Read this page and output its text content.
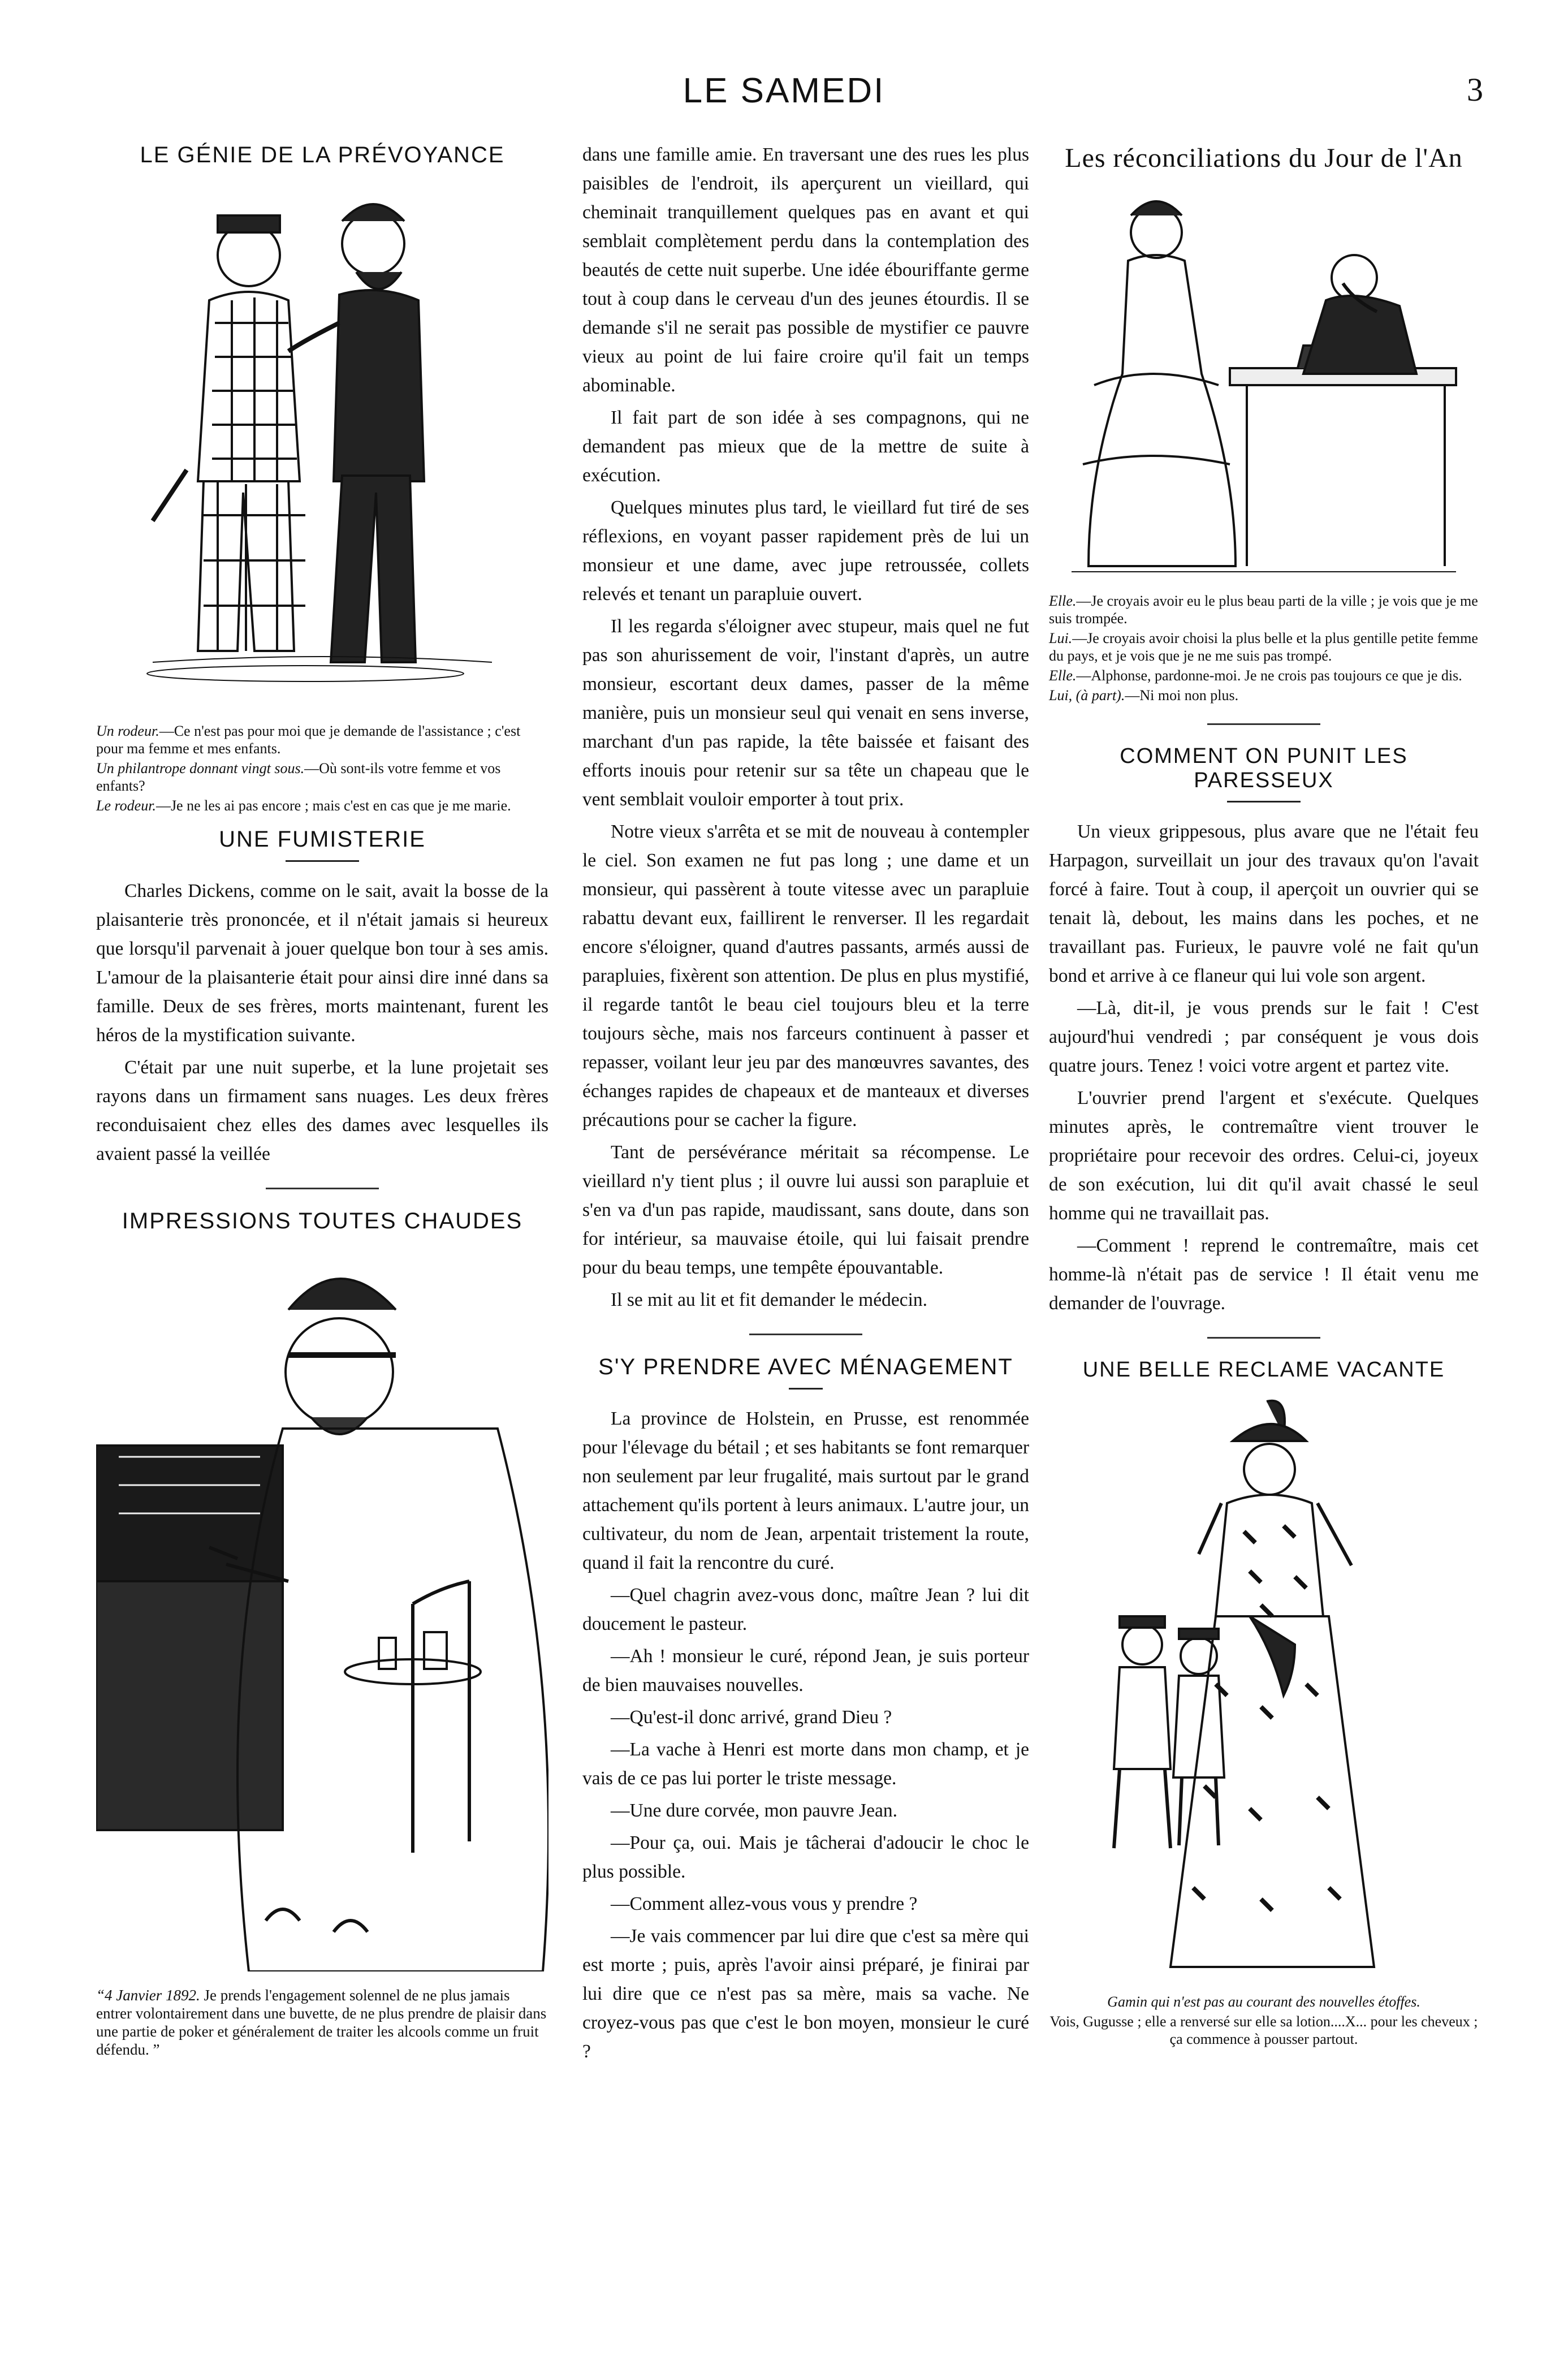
LE SAMEDI	3
LE GÉNIE DE LA PRÉVOYANCE

Un rodeur.—Ce n'est pas pour moi que je demande de l'assistance ; c'est pour ma femme et mes enfants.

Un philantrope donnant vingt sous.—Où sont-ils votre femme et vos enfants?

Le rodeur.—Je ne les ai pas encore ; mais c'est en cas que je me marie.

UNE FUMISTERIE

Charles Dickens, comme on le sait, avait la bosse de la plaisanterie très prononcée, et il n'était jamais si heureux que lorsqu'il parvenait à jouer quelque bon tour à ses amis. L'amour de la plaisanterie était pour ainsi dire inné dans sa famille. Deux de ses frères, morts maintenant, furent les héros de la mystification suivante.

C'était par une nuit superbe, et la lune projetait ses rayons dans un firmament sans nuages. Les deux frères reconduisaient chez elles des dames avec lesquelles ils avaient passé la veillée

IMPRESSIONS TOUTES CHAUDES

“4 Janvier 1892. Je prends l'engagement solennel de ne plus jamais entrer volontairement dans une buvette, de ne plus prendre de plaisir dans une partie de poker et généralement de traiter les alcools comme un fruit défendu. ”

dans une famille amie. En traversant une des rues les plus paisibles de l'endroit, ils aperçurent un vieillard, qui cheminait tranquillement quelques pas en avant et qui semblait complètement perdu dans la contemplation des beautés de cette nuit superbe. Une idée ébouriffante germe tout à coup dans le cerveau d'un des jeunes étourdis. Il se demande s'il ne serait pas possible de mystifier ce pauvre vieux au point de lui faire croire qu'il fait un temps abominable.

Il fait part de son idée à ses compagnons, qui ne demandent pas mieux que de la mettre de suite à exécution.

Quelques minutes plus tard, le vieillard fut tiré de ses réflexions, en voyant passer rapidement près de lui un monsieur et une dame, avec jupe retroussée, collets relevés et tenant un parapluie ouvert.

Il les regarda s'éloigner avec stupeur, mais quel ne fut pas son ahurissement de voir, l'instant d'après, un autre monsieur, escortant deux dames, passer de la même manière, puis un monsieur seul qui venait en sens inverse, marchant d'un pas rapide, la tête baissée et faisant des efforts inouis pour retenir sur sa tête un chapeau que le vent semblait vouloir emporter à tout prix.

Notre vieux s'arrêta et se mit de nouveau à contempler le ciel. Son examen ne fut pas long ; une dame et un monsieur, qui passèrent à toute vitesse avec un parapluie rabattu devant eux, faillirent le renverser. Il les regardait encore s'éloigner, quand d'autres passants, armés aussi de parapluies, fixèrent son attention. De plus en plus mystifié, il regarde tantôt le beau ciel toujours bleu et la terre toujours sèche, mais nos farceurs continuent à passer et repasser, voilant leur jeu par des manœuvres savantes, des échanges rapides de chapeaux et de manteaux et diverses précautions pour se cacher la figure.

Tant de persévérance méritait sa récompense. Le vieillard n'y tient plus ; il ouvre lui aussi son parapluie et s'en va d'un pas rapide, maudissant, sans doute, dans son for intérieur, sa mauvaise étoile, qui lui faisait prendre pour du beau temps, une tempête épouvantable.

Il se mit au lit et fit demander le médecin.

S'Y PRENDRE AVEC MÉNAGEMENT

La province de Holstein, en Prusse, est renommée pour l'élevage du bétail ; et ses habitants se font remarquer non seulement par leur frugalité, mais surtout par le grand attachement qu'ils portent à leurs animaux. L'autre jour, un cultivateur, du nom de Jean, arpentait tristement la route, quand il fait la rencontre du curé.

—Quel chagrin avez-vous donc, maître Jean ? lui dit doucement le pasteur.

—Ah ! monsieur le curé, répond Jean, je suis porteur de bien mauvaises nouvelles.

—Qu'est-il donc arrivé, grand Dieu ?

—La vache à Henri est morte dans mon champ, et je vais de ce pas lui porter le triste message.

—Une dure corvée, mon pauvre Jean.

—Pour ça, oui. Mais je tâcherai d'adoucir le choc le plus possible.

—Comment allez-vous vous y prendre ?

—Je vais commencer par lui dire que c'est sa mère qui est morte ; puis, après l'avoir ainsi préparé, je finirai par lui dire que ce n'est pas sa mère, mais sa vache. Ne croyez-vous pas que c'est le bon moyen, monsieur le curé ?

Les réconciliations du Jour de l'An

Elle.—Je croyais avoir eu le plus beau parti de la ville ; je vois que je me suis trompée.

Lui.—Je croyais avoir choisi la plus belle et la plus gentille petite femme du pays, et je vois que je ne me suis pas trompé.

Elle.—Alphonse, pardonne-moi. Je ne crois pas toujours ce que je dis.

Lui, (à part).—Ni moi non plus.

COMMENT ON PUNIT LES PARESSEUX

Un vieux grippesous, plus avare que ne l'était feu Harpagon, surveillait un jour des travaux qu'on l'avait forcé à faire. Tout à coup, il aperçoit un ouvrier qui se tenait là, debout, les mains dans les poches, et ne travaillant pas. Furieux, le pauvre volé ne fait qu'un bond et arrive à ce flaneur qui lui vole son argent.

—Là, dit-il, je vous prends sur le fait ! C'est aujourd'hui vendredi ; par conséquent je vous dois quatre jours. Tenez ! voici votre argent et partez vite.

L'ouvrier prend l'argent et s'exécute. Quelques minutes après, le contremaître vient trouver le propriétaire pour recevoir des ordres. Celui-ci, joyeux de son exécution, lui dit qu'il avait chassé le seul homme qui ne travaillait pas.

—Comment ! reprend le contremaître, mais cet homme-là n'était pas de service ! Il était venu me demander de l'ouvrage.

UNE BELLE RECLAME VACANTE

Gamin qui n'est pas au courant des nouvelles étoffes.

Vois, Gugusse ; elle a renversé sur elle sa lotion....X... pour les cheveux ; ça commence à pousser partout.
